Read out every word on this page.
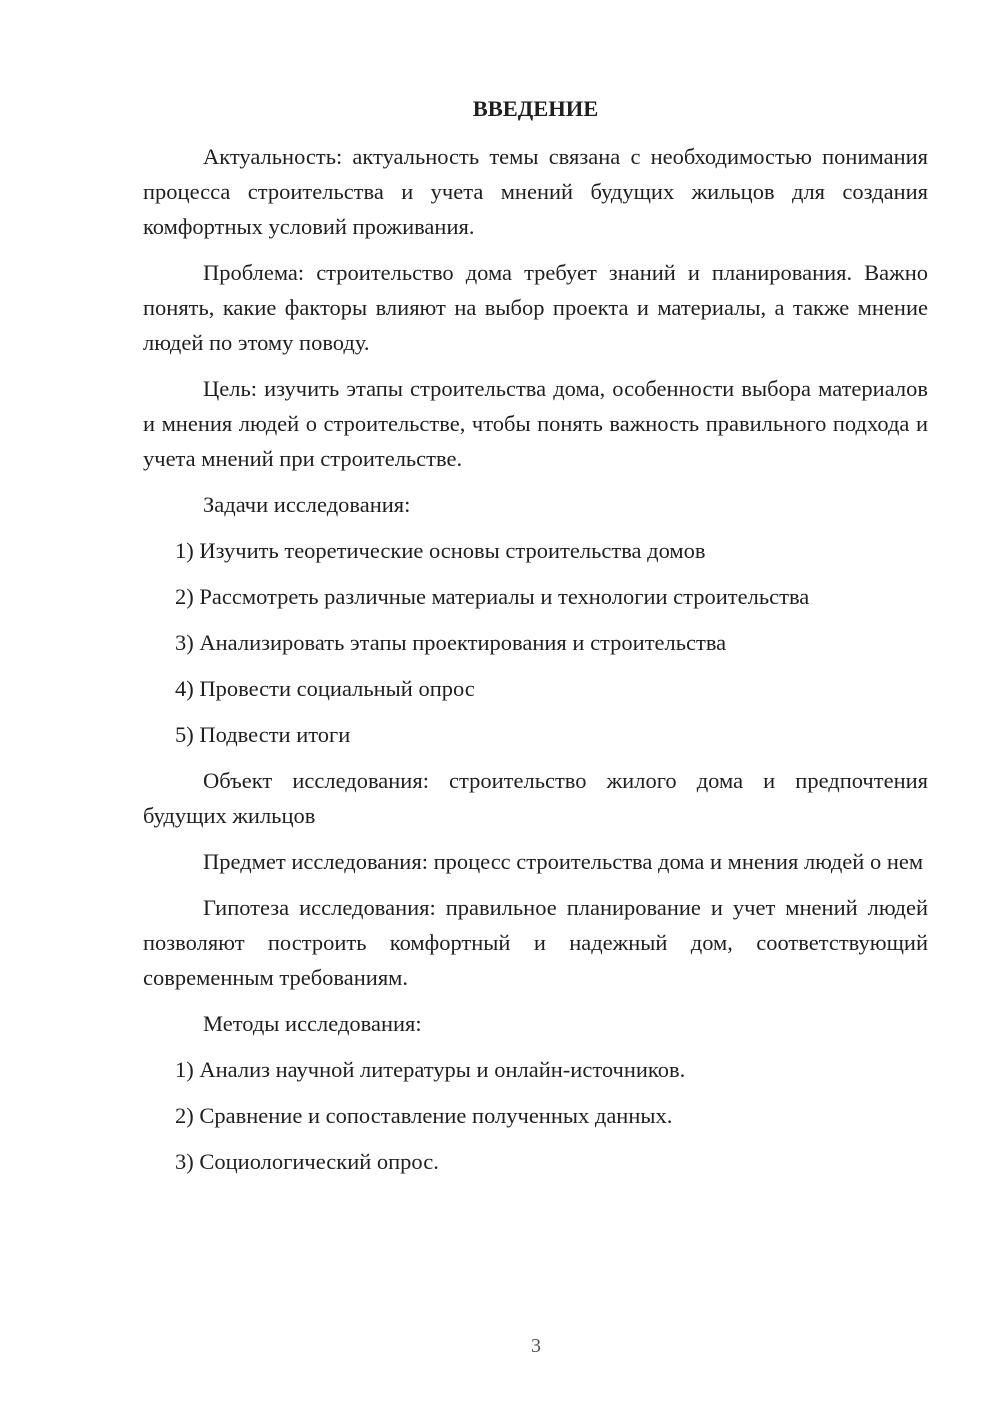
ВВЕДЕНИЕ

Актуальность: актуальность темы связана с необходимостью понимания процесса строительства и учета мнений будущих жильцов для создания комфортных условий проживания.

Проблема: строительство дома требует знаний и планирования. Важно понять, какие факторы влияют на выбор проекта и материалы, а также мнение людей по этому поводу.

Цель: изучить этапы строительства дома, особенности выбора материалов и мнения людей о строительстве, чтобы понять важность правильного подхода и учета мнений при строительстве.

Задачи исследования:

1) Изучить теоретические основы строительства домов

2) Рассмотреть различные материалы и технологии строительства

3) Анализировать этапы проектирования и строительства

4) Провести социальный опрос

5) Подвести итоги

Объект исследования: строительство жилого дома и предпочтения будущих жильцов

Предмет исследования: процесс строительства дома и мнения людей о нем

Гипотеза исследования: правильное планирование и учет мнений людей позволяют построить комфортный и надежный дом, соответствующий современным требованиям.

Методы исследования:

1) Анализ научной литературы и онлайн-источников.

2) Сравнение и сопоставление полученных данных.

3) Социологический опрос.

3
